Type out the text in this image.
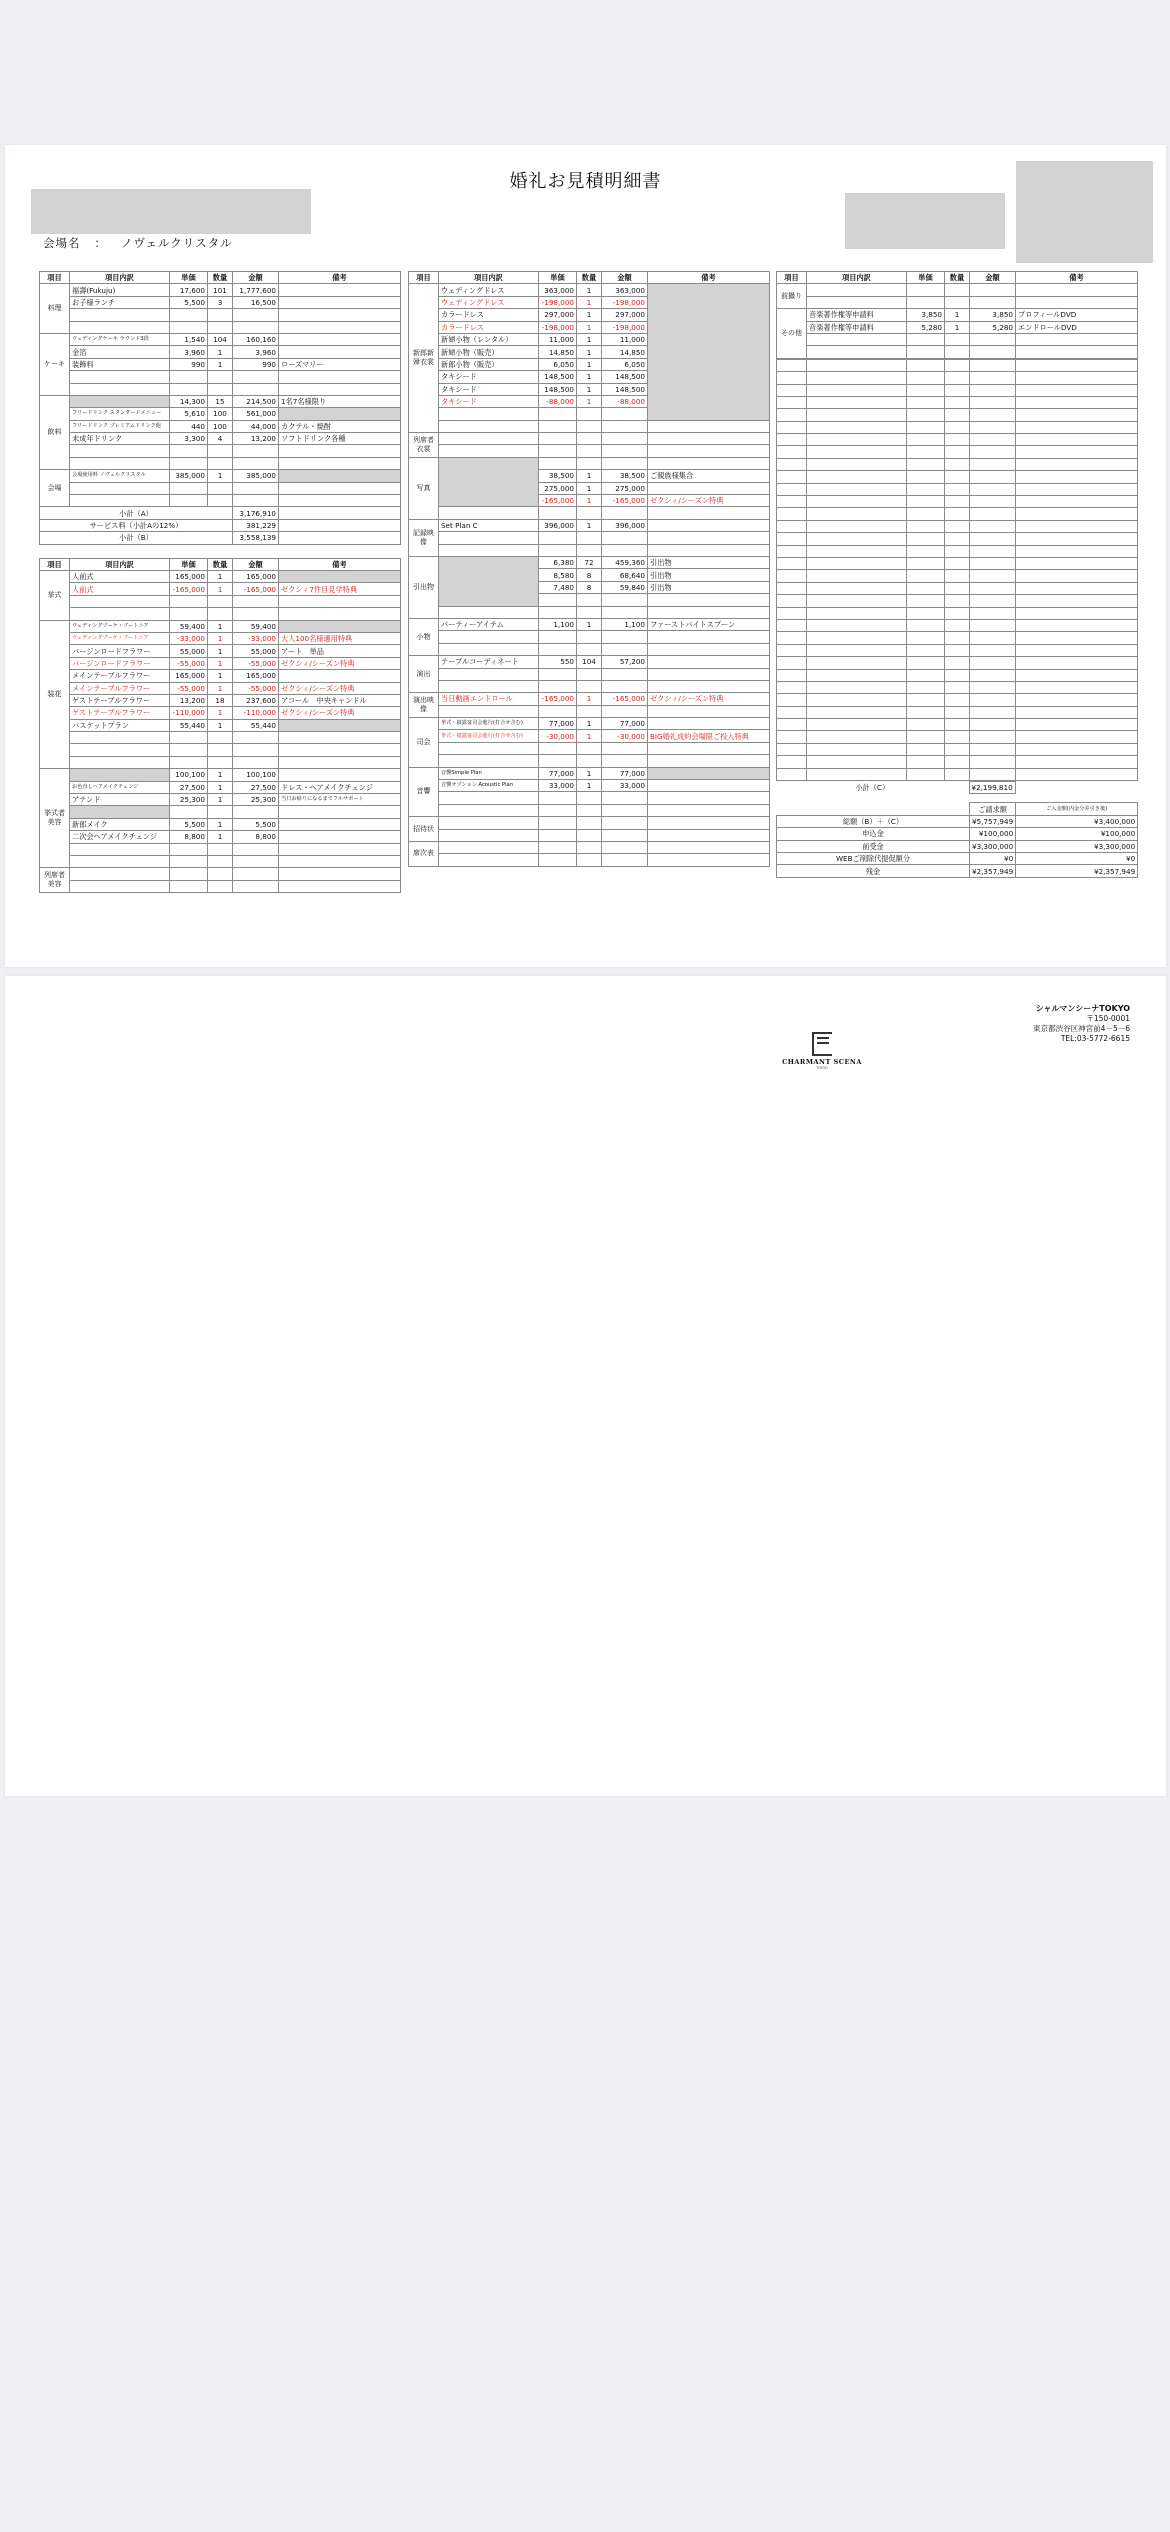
婚礼お見積明細書
会場名 ： ノヴェルクリスタル
項目	項目内訳	単価	数量	金額	備考
料理	福壽(Fukuju)	17,600	101	1,777,600	
	お子様ランチ	5,500	3	16,500	

ケーキ	ウェディングケーキ ラウンド3段	1,540	104	160,160	
	金箔	3,960	1	3,960	
	装飾料	990	1	990	ローズマリー

飲料		14,300	15	214,500	1名7名様限り
	フリードリンク スタンダードメニュー	5,610	100	561,000	
	フリードリンク プレミアムドリンク他	440	100	44,000	カクテル・焼酎
	未成年ドリンク	3,300	4	13,200	ソフトドリンク各種

会場	会場使用料 ノヴェルクリスタル	385,000	1	385,000	

小計（A）				3,176,910	
サービス料（小計Aの12%）				381,229	
小計（B）				3,558,139	
項目	項目内訳	単価	数量	金額	備考
挙式	人前式	165,000	1	165,000	
	人前式	-165,000	1	-165,000	ゼクシィ7件目見学特典

装花	ウェディングブーケ・ブートニア	59,400	1	59,400	
	ウェディングブーケ・ブートニア	-33,000	1	-33,000	大人100名様適用特典
	バージンロードフラワー	55,000	1	55,000	アート　単品
	バージンロードフラワー	-55,000	1	-55,000	ゼクシィ/シーズン特典
	メインテーブルフラワー	165,000	1	165,000	
	メインテーブルフラワー	-55,000	1	-55,000	ゼクシィ/シーズン特典
	ゲストテーブルフラワー	13,200	18	237,600	アコール　中央キャンドル
	ゲストテーブルフラワー	-110,000	1	-110,000	ゼクシィ/シーズン特典
	バスケットプラン	55,440	1	55,440	

挙式者美容		100,100	1	100,100	
	お色直しヘアメイクチェンジ	27,500	1	27,500	ドレス・ヘアメイクチェンジ
	アテンド	25,300	1	25,300	当日お帰りになるまでフルサポート

	新郎メイク	5,500	1	5,500	
	二次会ヘアメイクチェンジ	8,800	1	8,800	

列席者美容					

項目	項目内訳	単価	数量	金額	備考
新郎新婦衣裳	ウェディングドレス	363,000	1	363,000	
	ウェディングドレス	-198,000	1	-198,000	
	カラードレス	297,000	1	297,000	
	カラードレス	-198,000	1	-198,000	
	新婦小物（レンタル）	11,000	1	11,000	
	新婦小物（販売）	14,850	1	14,850	
	新郎小物（販売）	6,050	1	6,050	
	タキシード	148,500	1	148,500	
	タキシード	148,500	1	148,500	
	タキシード	-88,000	1	-88,000	

列席者衣裳					

写真					
		38,500	1	38,500	ご親族様集合
		275,000	1	275,000	
		-165,000	1	-165,000	ゼクシィ/シーズン特典

記録映像	Set Plan C	396,000	1	396,000	

引出物		6,380	72	459,360	引出物
		8,580	8	68,640	引出物
		7,480	8	59,840	引出物

小物	パーティーアイテム	1,100	1	1,100	ファーストバイトスプーン

演出	テーブルコーディネート	550	104	57,200	

演出映像	当日動画エンドロール	-165,000	1	-165,000	ゼクシィ/シーズン特典

司会	挙式・披露宴司会進行(打合せ含む)	77,000	1	77,000	
	挙式・披露宴司会進行(打合せ含む)	-30,000	1	-30,000	BIG婚礼成約会場限ご投入特典

音響	音響Simple Plan	77,000	1	77,000	
	音響オプション Acoustic Plan	33,000	1	33,000	

招待状					

席次表					

項目	項目内訳	単価	数量	金額	備考
前撮り					

その他	音楽著作権等申請料	3,850	1	3,850	プロフィールDVD
	音楽著作権等申請料	5,280	1	5,280	エンドロールDVD

小計（C）	¥2,199,810	
	ご請求額	ご入金額(内金分差引き後)
総額（B）＋（C）	¥5,757,949	¥3,400,000
申込金	¥100,000	¥100,000
前受金	¥3,300,000	¥3,300,000
WEBご削除代提促額分	¥0	¥0
残金	¥2,357,949	¥2,357,949
CHARMANT SCENA
TOKYO
シャルマンシーナTOKYO
〒150-0001
東京都渋谷区神宮前4－5－6
TEL:03-5772-6615
